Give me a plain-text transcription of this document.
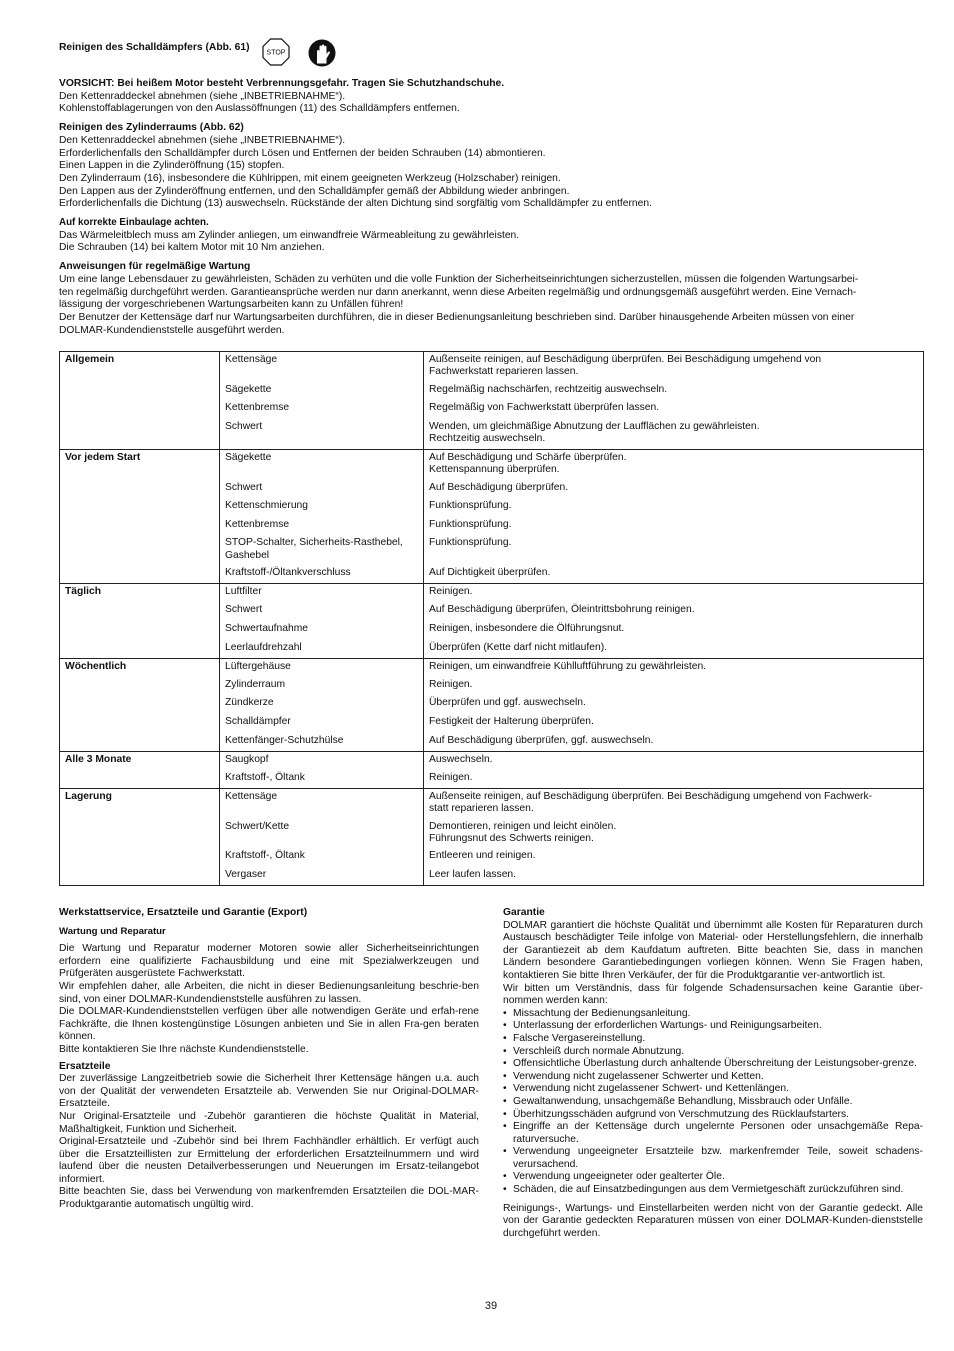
Reinigen des Schalldämpfers (Abb. 61)
STOP

VORSICHT: Bei heißem Motor besteht Verbrennungsgefahr. Tragen Sie Schutzhandschuhe.

Den Kettenraddeckel abnehmen (siehe „INBETRIEBNAHME“).

Kohlenstoffablagerungen von den Auslassöffnungen (11) des Schalldämpfers entfernen.

Reinigen des Zylinderraums (Abb. 62)

Den Kettenraddeckel abnehmen (siehe „INBETRIEBNAHME“).

Erforderlichenfalls den Schalldämpfer durch Lösen und Entfernen der beiden Schrauben (14) abmontieren.

Einen Lappen in die Zylinderöffnung (15) stopfen.

Den Zylinderraum (16), insbesondere die Kühlrippen, mit einem geeigneten Werkzeug (Holzschaber) reinigen.

Den Lappen aus der Zylinderöffnung entfernen, und den Schalldämpfer gemäß der Abbildung wieder anbringen.

Erforderlichenfalls die Dichtung (13) auswechseln. Rückstände der alten Dichtung sind sorgfältig vom Schalldämpfer zu entfernen.

Auf korrekte Einbaulage achten.

Das Wärmeleitblech muss am Zylinder anliegen, um einwandfreie Wärmeableitung zu gewährleisten.

Die Schrauben (14) bei kaltem Motor mit 10 Nm anziehen.

Anweisungen für regelmäßige Wartung

Um eine lange Lebensdauer zu gewährleisten, Schäden zu verhüten und die volle Funktion der Sicherheitseinrichtungen sicherzustellen, müssen die folgenden Wartungsarbei-

ten regelmäßig durchgeführt werden. Garantieansprüche werden nur dann anerkannt, wenn diese Arbeiten regelmäßig und ordnungsgemäß ausgeführt werden. Eine Vernach-

lässigung der vorgeschriebenen Wartungsarbeiten kann zu Unfällen führen!

Der Benutzer der Kettensäge darf nur Wartungsarbeiten durchführen, die in dieser Bedienungsanleitung beschrieben sind. Darüber hinausgehende Arbeiten müssen von einer

DOLMAR-Kundendienststelle ausgeführt werden.

Allgemein	Kettensäge	Außenseite reinigen, auf Beschädigung überprüfen. Bei Beschädigung umgehend von
Fachwerkstatt reparieren lassen.
	Sägekette	Regelmäßig nachschärfen, rechtzeitig auswechseln.
	Kettenbremse	Regelmäßig von Fachwerkstatt überprüfen lassen.
	Schwert	Wenden, um gleichmäßige Abnutzung der Laufflächen zu gewährleisten.
Rechtzeitig auswechseln.
Vor jedem Start	Sägekette	Auf Beschädigung und Schärfe überprüfen.
Kettenspannung überprüfen.
	Schwert	Auf Beschädigung überprüfen.
	Kettenschmierung	Funktionsprüfung.
	Kettenbremse	Funktionsprüfung.
	STOP-Schalter, Sicherheits-Rasthebel,
Gashebel	Funktionsprüfung.
	Kraftstoff-/Öltankverschluss	Auf Dichtigkeit überprüfen.
Täglich	Luftfilter	Reinigen.
	Schwert	Auf Beschädigung überprüfen, Öleintrittsbohrung reinigen.
	Schwertaufnahme	Reinigen, insbesondere die Ölführungsnut.
	Leerlaufdrehzahl	Überprüfen (Kette darf nicht mitlaufen).
Wöchentlich	Lüftergehäuse	Reinigen, um einwandfreie Kühlluftführung zu gewährleisten.
	Zylinderraum	Reinigen.
	Zündkerze	Überprüfen und ggf. auswechseln.
	Schalldämpfer	Festigkeit der Halterung überprüfen.
	Kettenfänger-Schutzhülse	Auf Beschädigung überprüfen, ggf. auswechseln.
Alle 3 Monate	Saugkopf	Auswechseln.
	Kraftstoff-, Öltank	Reinigen.
Lagerung	Kettensäge	Außenseite reinigen, auf Beschädigung überprüfen. Bei Beschädigung umgehend von Fachwerk-
statt reparieren lassen.
	Schwert/Kette	Demontieren, reinigen und leicht einölen.
Führungsnut des Schwerts reinigen.
	Kraftstoff-, Öltank	Entleeren und reinigen.
	Vergaser	Leer laufen lassen.

Werkstattservice, Ersatzteile und Garantie (Export)

Wartung und Reparatur

Die Wartung und Reparatur moderner Motoren sowie aller Sicherheitseinrichtungen erfordern eine qualifizierte Fachausbildung und eine mit Spezialwerkzeugen und Prüfgeräten ausgerüstete Fachwerkstatt.

Wir empfehlen daher, alle Arbeiten, die nicht in dieser Bedienungsanleitung beschrie-ben sind, von einer DOLMAR-Kundendienststelle ausführen zu lassen.

Die DOLMAR-Kundendienststellen verfügen über alle notwendigen Geräte und erfah-rene Fachkräfte, die Ihnen kostengünstige Lösungen anbieten und Sie in allen Fra-gen beraten können.

Bitte kontaktieren Sie Ihre nächste Kundendienststelle.

Ersatzteile

Der zuverlässige Langzeitbetrieb sowie die Sicherheit Ihrer Kettensäge hängen u.a. auch von der Qualität der verwendeten Ersatzteile ab. Verwenden Sie nur Original-DOLMAR-Ersatzteile.

Nur Original-Ersatzteile und -Zubehör garantieren die höchste Qualität in Material, Maßhaltigkeit, Funktion und Sicherheit.

Original-Ersatzteile und -Zubehör sind bei Ihrem Fachhändler erhältlich. Er verfügt auch über die Ersatzteillisten zur Ermittelung der erforderlichen Ersatzteilnummern und wird laufend über die neusten Detailverbesserungen und Neuerungen im Ersatz-teilangebot informiert.

Bitte beachten Sie, dass bei Verwendung von markenfremden Ersatzteilen die DOL-MAR-Produktgarantie automatisch ungültig wird.

Garantie

DOLMAR garantiert die höchste Qualität und übernimmt alle Kosten für Reparaturen durch Austausch beschädigter Teile infolge von Material- oder Herstellungsfehlern, die innerhalb der Garantiezeit ab dem Kaufdatum auftreten. Bitte beachten Sie, dass in manchen Ländern besondere Garantiebedingungen vorliegen können. Wenn Sie Fragen haben, kontaktieren Sie bitte Ihren Verkäufer, der für die Produktgarantie ver-antwortlich ist.

Wir bitten um Verständnis, dass für folgende Schadensursachen keine Garantie über-nommen werden kann:

• Missachtung der Bedienungsanleitung.
• Unterlassung der erforderlichen Wartungs- und Reinigungsarbeiten.
• Falsche Vergasereinstellung.
• Verschleiß durch normale Abnutzung.
• Offensichtliche Überlastung durch anhaltende Überschreitung der Leistungsober-grenze.
• Verwendung nicht zugelassener Schwerter und Ketten.
• Verwendung nicht zugelassener Schwert- und Kettenlängen.
• Gewaltanwendung, unsachgemäße Behandlung, Missbrauch oder Unfälle.
• Überhitzungsschäden aufgrund von Verschmutzung des Rücklaufstarters.
• Eingriffe an der Kettensäge durch ungelernte Personen oder unsachgemäße Repa-raturversuche.
• Verwendung ungeeigneter Ersatzteile bzw. markenfremder Teile, soweit schadens-verursachend.
• Verwendung ungeeigneter oder gealterter Öle.
• Schäden, die auf Einsatzbedingungen aus dem Vermietgeschäft zurückzuführen sind.

Reinigungs-, Wartungs- und Einstellarbeiten werden nicht von der Garantie gedeckt. Alle von der Garantie gedeckten Reparaturen müssen von einer DOLMAR-Kunden-dienststelle durchgeführt werden.

39
